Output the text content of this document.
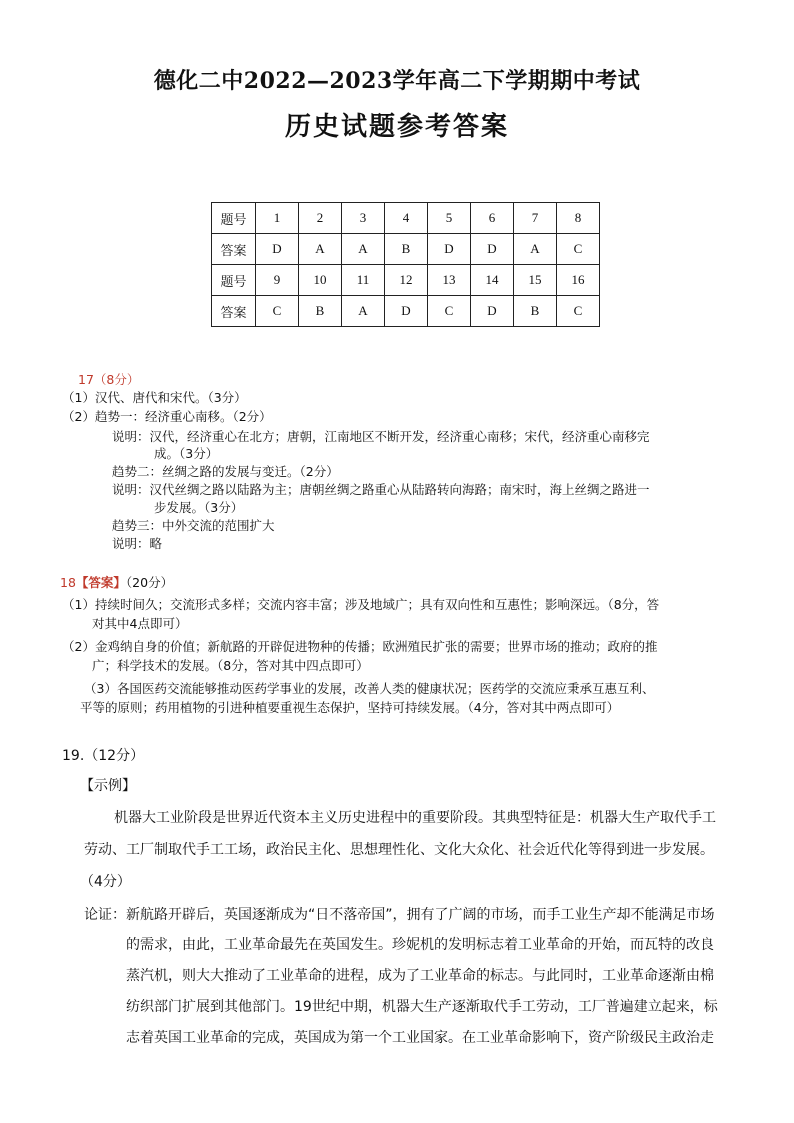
德化二中2022—2023学年高二下学期期中考试
历史试题参考答案
题号	1	2	3	4	5	6	7	8
答案	D	A	A	B	D	D	A	C
题号	9	10	11	12	13	14	15	16
答案	C	B	A	D	C	D	B	C
17（8分）
（1）汉代、唐代和宋代。（3分）
（2）趋势一：经济重心南移。（2分）
说明：汉代，经济重心在北方；唐朝，江南地区不断开发，经济重心南移；宋代，经济重心南移完
成。（3分）
趋势二：丝绸之路的发展与变迁。（2分）
说明：汉代丝绸之路以陆路为主；唐朝丝绸之路重心从陆路转向海路；南宋时，海上丝绸之路进一
步发展。（3分）
趋势三：中外交流的范围扩大
说明：略
18【答案】（20分）
（1）持续时间久；交流形式多样；交流内容丰富；涉及地域广；具有双向性和互惠性；影响深远。（8分，答
对其中4点即可）
（2）金鸡纳自身的价值；新航路的开辟促进物种的传播；欧洲殖民扩张的需要；世界市场的推动；政府的推
广；科学技术的发展。（8分，答对其中四点即可）
（3）各国医药交流能够推动医药学事业的发展，改善人类的健康状况；医药学的交流应秉承互惠互利、
平等的原则；药用植物的引进种植要重视生态保护，坚持可持续发展。（4分，答对其中两点即可）
19.（12分）
【示例】
机器大工业阶段是世界近代资本主义历史进程中的重要阶段。其典型特征是：机器大生产取代手工
劳动、工厂制取代手工工场，政治民主化、思想理性化、文化大众化、社会近代化等得到进一步发展。
（4分）
论证：新航路开辟后，英国逐渐成为“日不落帝国”，拥有了广阔的市场，而手工业生产却不能满足市场
的需求，由此，工业革命最先在英国发生。珍妮机的发明标志着工业革命的开始，而瓦特的改良
蒸汽机，则大大推动了工业革命的进程，成为了工业革命的标志。与此同时，工业革命逐渐由棉
纺织部门扩展到其他部门。19世纪中期，机器大生产逐渐取代手工劳动，工厂普遍建立起来，标
志着英国工业革命的完成，英国成为第一个工业国家。在工业革命影响下，资产阶级民主政治走
